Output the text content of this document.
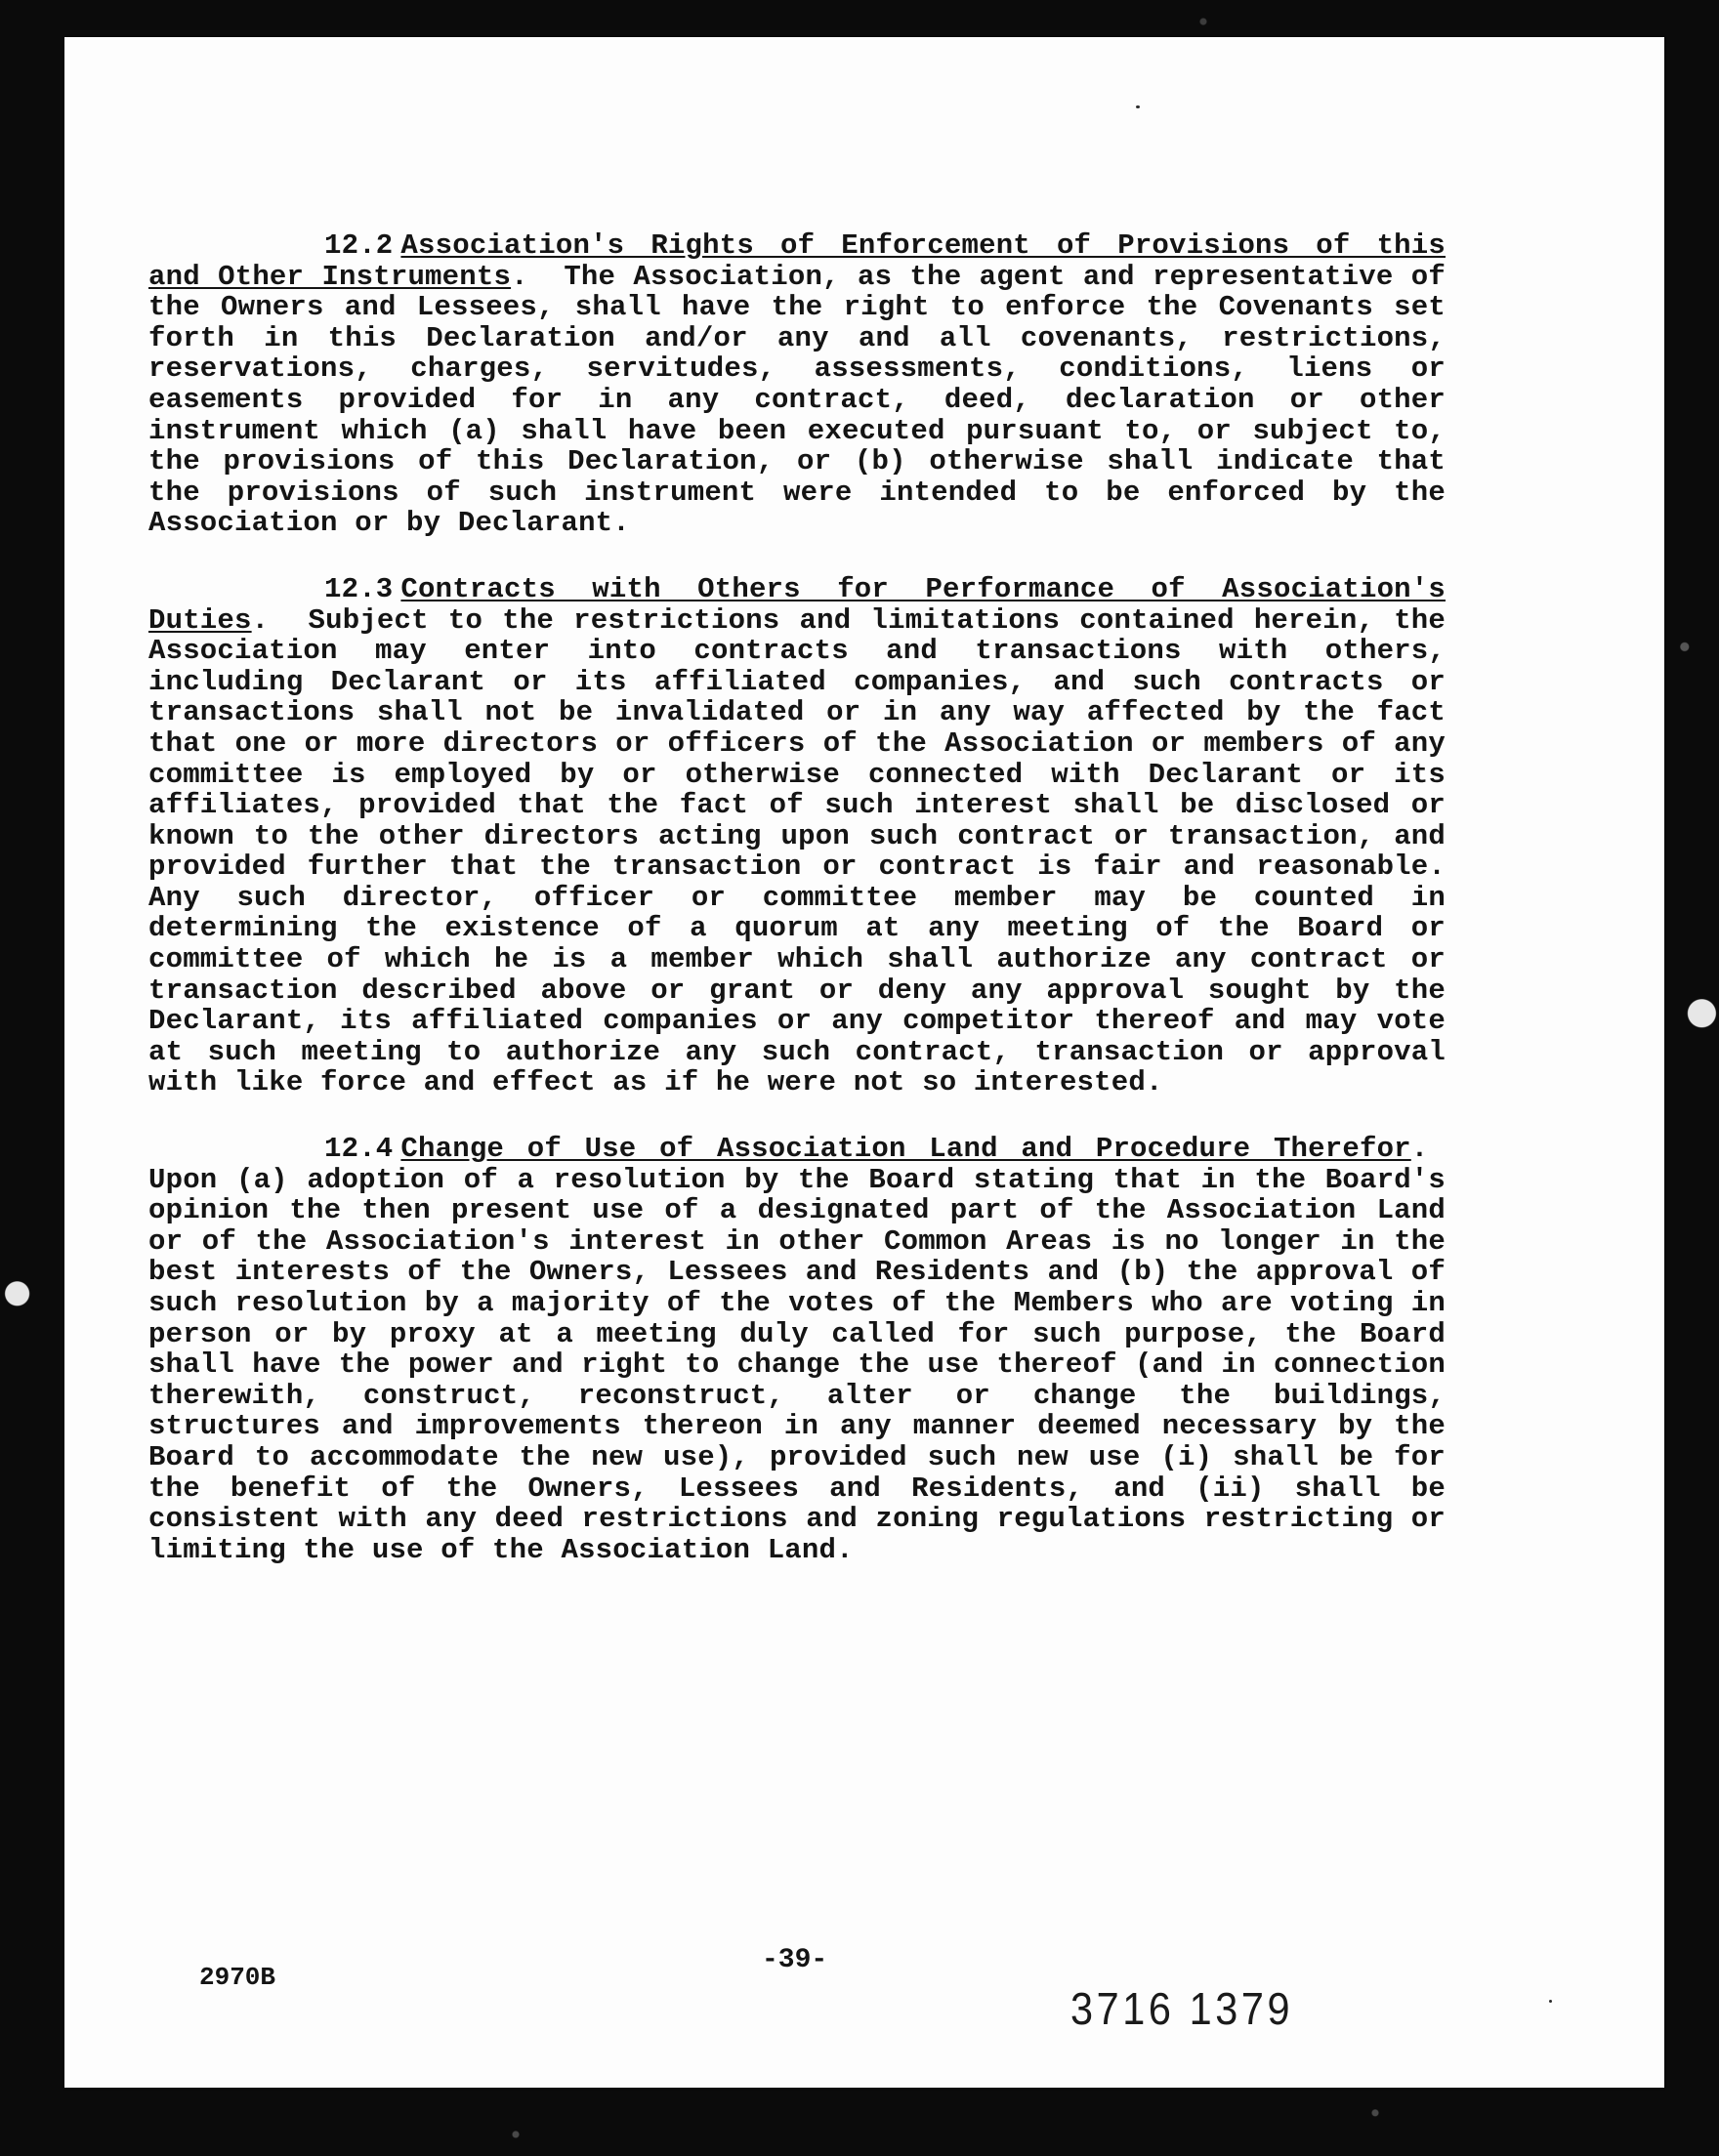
12.2 Association's Rights of Enforcement of Provisions of this and Other Instruments.  The Association, as the agent and representative of the Owners and Lessees, shall have the right to enforce the Covenants set forth in this Declaration and/or any and all covenants, restrictions, reservations, charges, servitudes, assessments, conditions, liens or easements provided for in any contract, deed, declaration or other instrument which (a) shall have been executed pursuant to, or subject to, the provisions of this Declaration, or (b) otherwise shall indicate that the provisions of such instrument were intended to be enforced by the Association or by Declarant.

12.3 Contracts with Others for Performance of Association's Duties.  Subject to the restrictions and limitations contained herein, the Association may enter into contracts and transactions with others, including Declarant or its affiliated companies, and such contracts or transactions shall not be invalidated or in any way affected by the fact that one or more directors or officers of the Association or members of any committee is employed by or otherwise connected with Declarant or its affiliates, provided that the fact of such interest shall be disclosed or known to the other directors acting upon such contract or transaction, and provided further that the transaction or contract is fair and reasonable. Any such director, officer or committee member may be counted in determining the existence of a quorum at any meeting of the Board or committee of which he is a member which shall authorize any contract or transaction described above or grant or deny any approval sought by the Declarant, its affiliated companies or any competitor thereof and may vote at such meeting to authorize any such contract, transaction or approval with like force and effect as if he were not so interested.

12.4 Change of Use of Association Land and Procedure Therefor.  Upon (a) adoption of a resolution by the Board stating that in the Board's opinion the then present use of a designated part of the Association Land or of the Association's interest in other Common Areas is no longer in the best interests of the Owners, Lessees and Residents and (b) the approval of such resolution by a majority of the votes of the Members who are voting in person or by proxy at a meeting duly called for such purpose, the Board shall have the power and right to change the use thereof (and in connection therewith, construct, reconstruct, alter or change the buildings, structures and improvements thereon in any manner deemed necessary by the Board to accommodate the new use), provided such new use (i) shall be for the benefit of the Owners, Lessees and Residents, and (ii) shall be consistent with any deed restrictions and zoning regulations restricting or limiting the use of the Association Land.

2970B
-39-
3716 1379
